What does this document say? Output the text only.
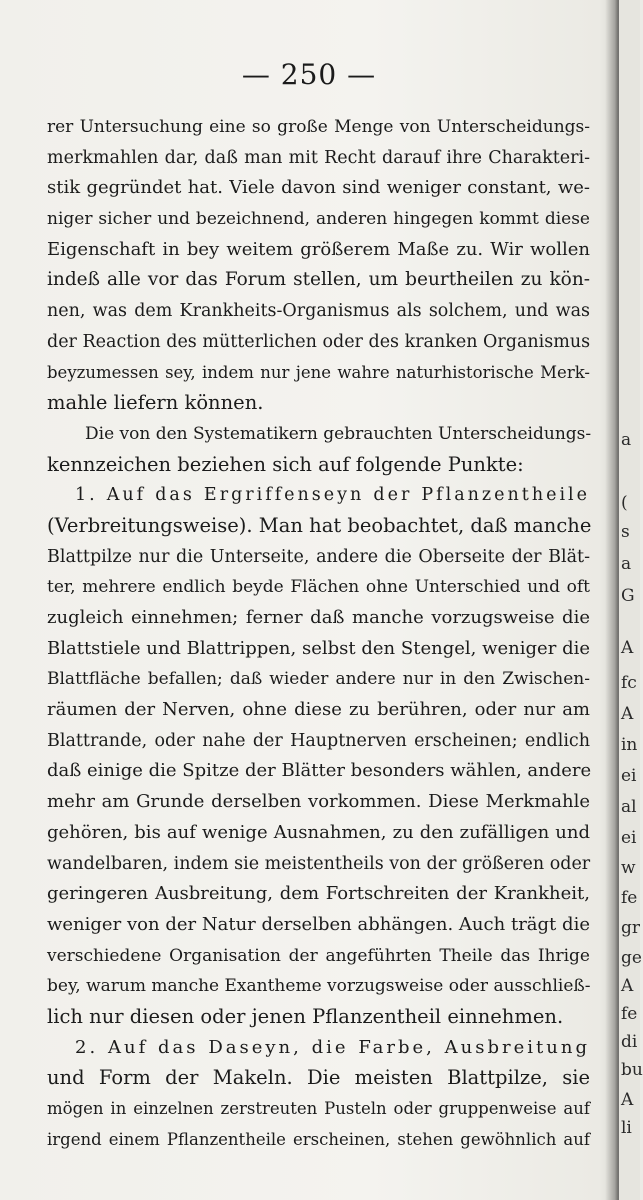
— 250 —
rer Untersuchung eine so große Menge von Unterscheidungs-
merkmahlen dar, daß man mit Recht darauf ihre Charakteri-
stik gegründet hat. Viele davon sind weniger constant, we-
niger sicher und bezeichnend, anderen hingegen kommt diese
Eigenschaft in bey weitem größerem Maße zu. Wir wollen
indeß alle vor das Forum stellen, um beurtheilen zu kön-
nen, was dem Krankheits-Organismus als solchem, und was
der Reaction des mütterlichen oder des kranken Organismus
beyzumessen sey, indem nur jene wahre naturhistorische Merk-
mahle liefern können.
Die von den Systematikern gebrauchten Unterscheidungs-
kennzeichen beziehen sich auf folgende Punkte:
1. Auf das Ergriffenseyn der Pflanzentheile
(Verbreitungsweise). Man hat beobachtet, daß manche
Blattpilze nur die Unterseite, andere die Oberseite der Blät-
ter, mehrere endlich beyde Flächen ohne Unterschied und oft
zugleich einnehmen; ferner daß manche vorzugsweise die
Blattstiele und Blattrippen, selbst den Stengel, weniger die
Blattfläche befallen; daß wieder andere nur in den Zwischen-
räumen der Nerven, ohne diese zu berühren, oder nur am
Blattrande, oder nahe der Hauptnerven erscheinen; endlich
daß einige die Spitze der Blätter besonders wählen, andere
mehr am Grunde derselben vorkommen. Diese Merkmahle
gehören, bis auf wenige Ausnahmen, zu den zufälligen und
wandelbaren, indem sie meistentheils von der größeren oder
geringeren Ausbreitung, dem Fortschreiten der Krankheit,
weniger von der Natur derselben abhängen. Auch trägt die
verschiedene Organisation der angeführten Theile das Ihrige
bey, warum manche Exantheme vorzugsweise oder ausschließ-
lich nur diesen oder jenen Pflanzentheil einnehmen.
2. Auf das Daseyn, die Farbe, Ausbreitung
und Form der Makeln. Die meisten Blattpilze, sie
mögen in einzelnen zerstreuten Pusteln oder gruppenweise auf
irgend einem Pflanzentheile erscheinen, stehen gewöhnlich auf
a
(
s
a
G
A
fc
A
in
ei
al
ei
w
fe
gr
ge
A
fe
di
bu
A
li
